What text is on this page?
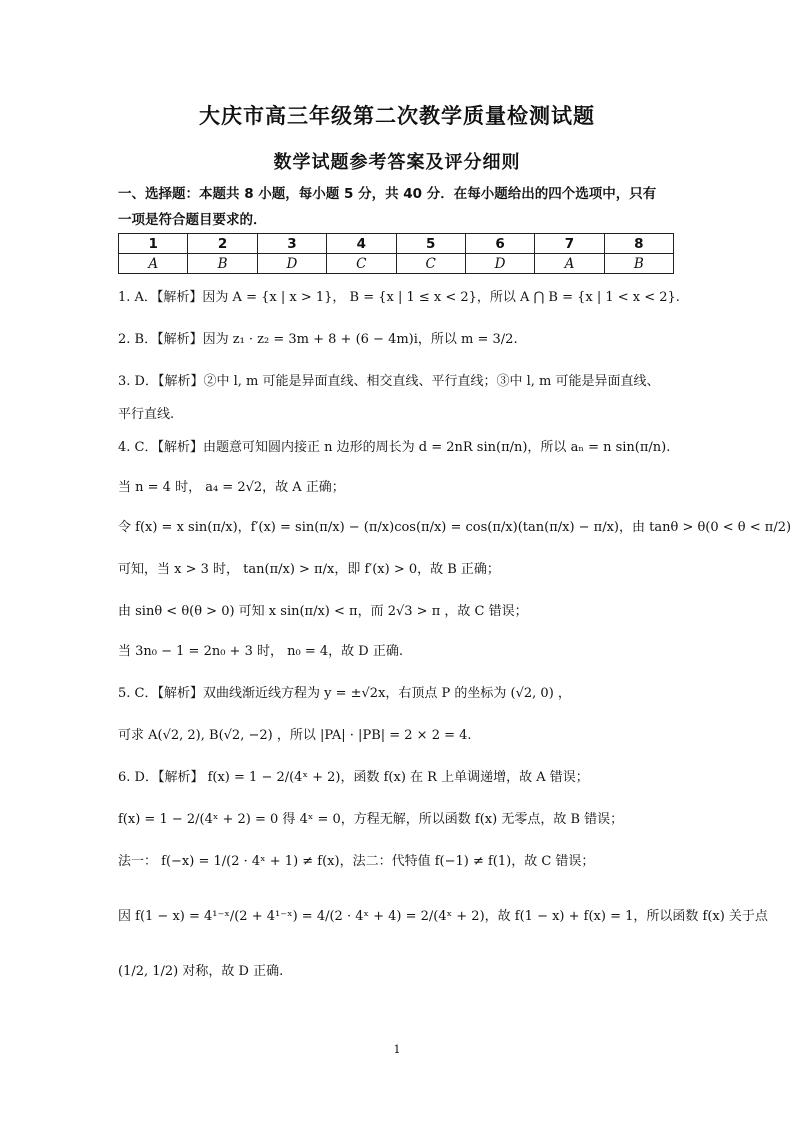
大庆市高三年级第二次教学质量检测试题
数学试题参考答案及评分细则
一、选择题：本题共 8 小题，每小题 5 分，共 40 分．在每小题给出的四个选项中，只有
一项是符合题目要求的．
1	2	3	4	5	6	7	8
A	B	D	C	C	D	A	B
1. A．【解析】因为 A = {x | x > 1}， B = {x | 1 ≤ x < 2}，所以 A ⋂ B = {x | 1 < x < 2}.
2. B．【解析】因为 z₁ · z₂ = 3m + 8 + (6 − 4m)i，所以 m = 3/2.
3. D．【解析】②中 l, m 可能是异面直线、相交直线、平行直线；③中 l, m 可能是异面直线、
平行直线.
4. C．【解析】由题意可知圆内接正 n 边形的周长为 d = 2nR sin(π/n)，所以 aₙ = n sin(π/n).
当 n = 4 时， a₄ = 2√2，故 A 正确；
令 f(x) = x sin(π/x)，f′(x) = sin(π/x) − (π/x)cos(π/x) = cos(π/x)(tan(π/x) − π/x)，由 tanθ > θ(0 < θ < π/2)
可知，当 x > 3 时， tan(π/x) > π/x，即 f′(x) > 0，故 B 正确；
由 sinθ < θ(θ > 0) 可知 x sin(π/x) < π，而 2√3 > π ，故 C 错误；
当 3n₀ − 1 = 2n₀ + 3 时， n₀ = 4，故 D 正确.
5. C．【解析】双曲线渐近线方程为 y = ±√2x，右顶点 P 的坐标为 (√2, 0) ，
可求 A(√2, 2), B(√2, −2) ，所以 |PA| · |PB| = 2 × 2 = 4.
6. D．【解析】 f(x) = 1 − 2/(4ˣ + 2)，函数 f(x) 在 R 上单调递增，故 A 错误；
f(x) = 1 − 2/(4ˣ + 2) = 0 得 4ˣ = 0，方程无解，所以函数 f(x) 无零点，故 B 错误；
法一： f(−x) = 1/(2 · 4ˣ + 1) ≠ f(x)，法二：代特值 f(−1) ≠ f(1)，故 C 错误；
因 f(1 − x) = 4¹⁻ˣ/(2 + 4¹⁻ˣ) = 4/(2 · 4ˣ + 4) = 2/(4ˣ + 2)，故 f(1 − x) + f(x) = 1，所以函数 f(x) 关于点
(1/2, 1/2) 对称，故 D 正确.
1
